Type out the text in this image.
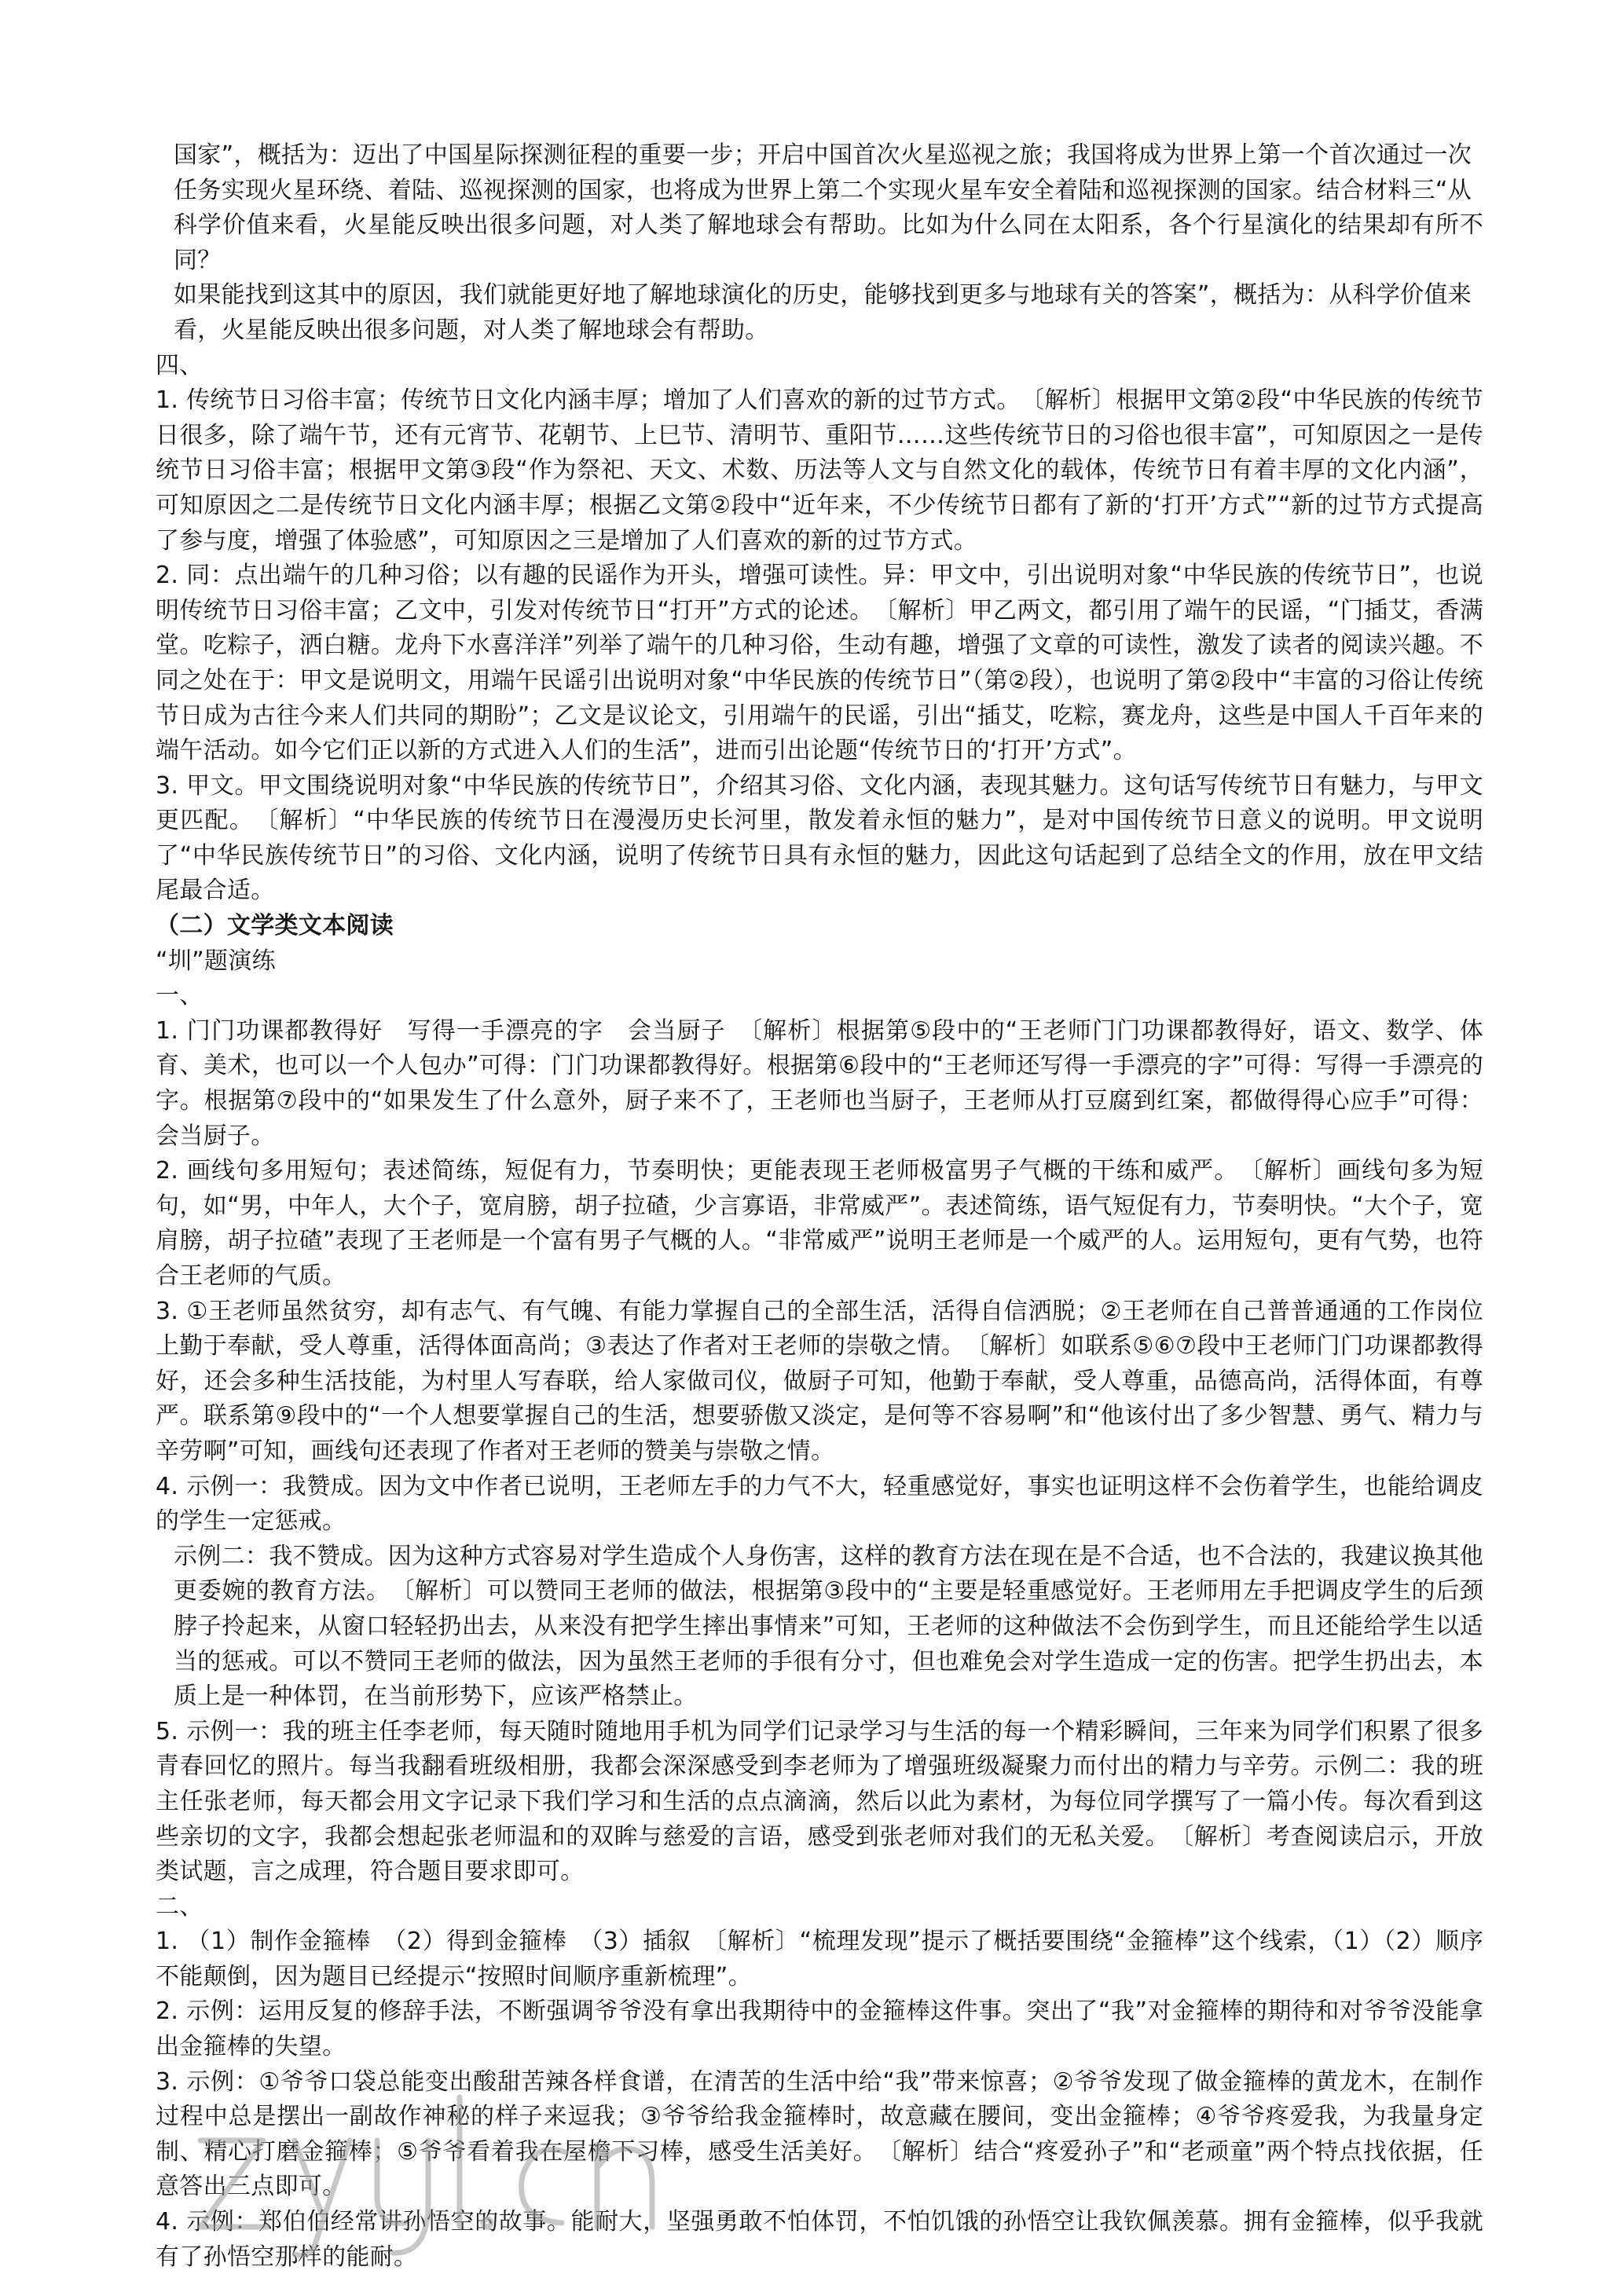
国家”，概括为：迈出了中国星际探测征程的重要一步；开启中国首次火星巡视之旅；我国将成为世界上第一个首次通过一次

任务实现火星环绕、着陆、巡视探测的国家，也将成为世界上第二个实现火星车安全着陆和巡视探测的国家。结合材料三“从

科学价值来看，火星能反映出很多问题，对人类了解地球会有帮助。比如为什么同在太阳系，各个行星演化的结果却有所不同？

如果能找到这其中的原因，我们就能更好地了解地球演化的历史，能够找到更多与地球有关的答案”，概括为：从科学价值来

看，火星能反映出很多问题，对人类了解地球会有帮助。

四、

1. 传统节日习俗丰富；传统节日文化内涵丰厚；增加了人们喜欢的新的过节方式。　〔解析〕根据甲文第②段“中华民族的传统节日很多，除了端午节，还有元宵节、花朝节、上巳节、清明节、重阳节……这些传统节日的习俗也很丰富”，可知原因之一是传统节日习俗丰富；根据甲文第③段“作为祭祀、天文、术数、历法等人文与自然文化的载体，传统节日有着丰厚的文化内涵”，可知原因之二是传统节日文化内涵丰厚；根据乙文第②段中“近年来，不少传统节日都有了新的‘打开’方式”“新的过节方式提高了参与度，增强了体验感”，可知原因之三是增加了人们喜欢的新的过节方式。

2. 同：点出端午的几种习俗；以有趣的民谣作为开头，增强可读性。异：甲文中，引出说明对象“中华民族的传统节日”，也说明传统节日习俗丰富；乙文中，引发对传统节日“打开”方式的论述。　〔解析〕甲乙两文，都引用了端午的民谣，“门插艾，香满堂。吃粽子，洒白糖。龙舟下水喜洋洋”列举了端午的几种习俗，生动有趣，增强了文章的可读性，激发了读者的阅读兴趣。不同之处在于：甲文是说明文，用端午民谣引出说明对象“中华民族的传统节日”（第②段），也说明了第②段中“丰富的习俗让传统节日成为古往今来人们共同的期盼”；乙文是议论文，引用端午的民谣，引出“插艾，吃粽，赛龙舟，这些是中国人千百年来的端午活动。如今它们正以新的方式进入人们的生活”，进而引出论题“传统节日的‘打开’方式”。

3. 甲文。甲文围绕说明对象“中华民族的传统节日”，介绍其习俗、文化内涵，表现其魅力。这句话写传统节日有魅力，与甲文更匹配。　〔解析〕“中华民族的传统节日在漫漫历史长河里，散发着永恒的魅力”，是对中国传统节日意义的说明。甲文说明了“中华民族传统节日”的习俗、文化内涵，说明了传统节日具有永恒的魅力，因此这句话起到了总结全文的作用，放在甲文结尾最合适。

（二）文学类文本阅读

“圳”题演练

一、

1. 门门功课都教得好　写得一手漂亮的字　会当厨子　〔解析〕根据第⑤段中的“王老师门门功课都教得好，语文、数学、体育、美术，也可以一个人包办”可得：门门功课都教得好。根据第⑥段中的“王老师还写得一手漂亮的字”可得：写得一手漂亮的字。根据第⑦段中的“如果发生了什么意外，厨子来不了，王老师也当厨子，王老师从打豆腐到红案，都做得得心应手”可得：会当厨子。

2. 画线句多用短句；表述简练，短促有力，节奏明快；更能表现王老师极富男子气概的干练和威严。　〔解析〕画线句多为短句，如“男，中年人，大个子，宽肩膀，胡子拉碴，少言寡语，非常威严”。表述简练，语气短促有力，节奏明快。“大个子，宽肩膀，胡子拉碴”表现了王老师是一个富有男子气概的人。“非常威严”说明王老师是一个威严的人。运用短句，更有气势，也符合王老师的气质。

3. ①王老师虽然贫穷，却有志气、有气魄、有能力掌握自己的全部生活，活得自信洒脱；②王老师在自己普普通通的工作岗位上勤于奉献，受人尊重，活得体面高尚；③表达了作者对王老师的崇敬之情。　〔解析〕如联系⑤⑥⑦段中王老师门门功课都教得好，还会多种生活技能，为村里人写春联，给人家做司仪，做厨子可知，他勤于奉献，受人尊重，品德高尚，活得体面，有尊严。联系第⑨段中的“一个人想要掌握自己的生活，想要骄傲又淡定，是何等不容易啊”和“他该付出了多少智慧、勇气、精力与辛劳啊”可知，画线句还表现了作者对王老师的赞美与崇敬之情。

4. 示例一：我赞成。因为文中作者已说明，王老师左手的力气不大，轻重感觉好，事实也证明这样不会伤着学生，也能给调皮的学生一定惩戒。

示例二：我不赞成。因为这种方式容易对学生造成个人身伤害，这样的教育方法在现在是不合适，也不合法的，我建议换其他更委婉的教育方法。　〔解析〕可以赞同王老师的做法，根据第③段中的“主要是轻重感觉好。王老师用左手把调皮学生的后颈脖子拎起来，从窗口轻轻扔出去，从来没有把学生摔出事情来”可知，王老师的这种做法不会伤到学生，而且还能给学生以适当的惩戒。可以不赞同王老师的做法，因为虽然王老师的手很有分寸，但也难免会对学生造成一定的伤害。把学生扔出去，本质上是一种体罚，在当前形势下，应该严格禁止。

5. 示例一：我的班主任李老师，每天随时随地用手机为同学们记录学习与生活的每一个精彩瞬间，三年来为同学们积累了很多青春回忆的照片。每当我翻看班级相册，我都会深深感受到李老师为了增强班级凝聚力而付出的精力与辛劳。示例二：我的班主任张老师，每天都会用文字记录下我们学习和生活的点点滴滴，然后以此为素材，为每位同学撰写了一篇小传。每次看到这些亲切的文字，我都会想起张老师温和的双眸与慈爱的言语，感受到张老师对我们的无私关爱。　〔解析〕考查阅读启示，开放类试题，言之成理，符合题目要求即可。

二、

1. （1）制作金箍棒　（2）得到金箍棒　（3）插叙　〔解析〕“梳理发现”提示了概括要围绕“金箍棒”这个线索，（1）（2）顺序不能颠倒，因为题目已经提示“按照时间顺序重新梳理”。

2. 示例：运用反复的修辞手法，不断强调爷爷没有拿出我期待中的金箍棒这件事。突出了“我”对金箍棒的期待和对爷爷没能拿出金箍棒的失望。

3. 示例：①爷爷口袋总能变出酸甜苦辣各样食谱，在清苦的生活中给“我”带来惊喜；②爷爷发现了做金箍棒的黄龙木，在制作过程中总是摆出一副故作神秘的样子来逗我；③爷爷给我金箍棒时，故意藏在腰间，变出金箍棒；④爷爷疼爱我，为我量身定制、精心打磨金箍棒；⑤爷爷看着我在屋檐下习棒，感受生活美好。　〔解析〕结合“疼爱孙子”和“老顽童”两个特点找依据，任意答出三点即可。

4. 示例：郑伯伯经常讲孙悟空的故事。能耐大，坚强勇敢不怕体罚，不怕饥饿的孙悟空让我钦佩羡慕。拥有金箍棒，似乎我就有了孙悟空那样的能耐。
